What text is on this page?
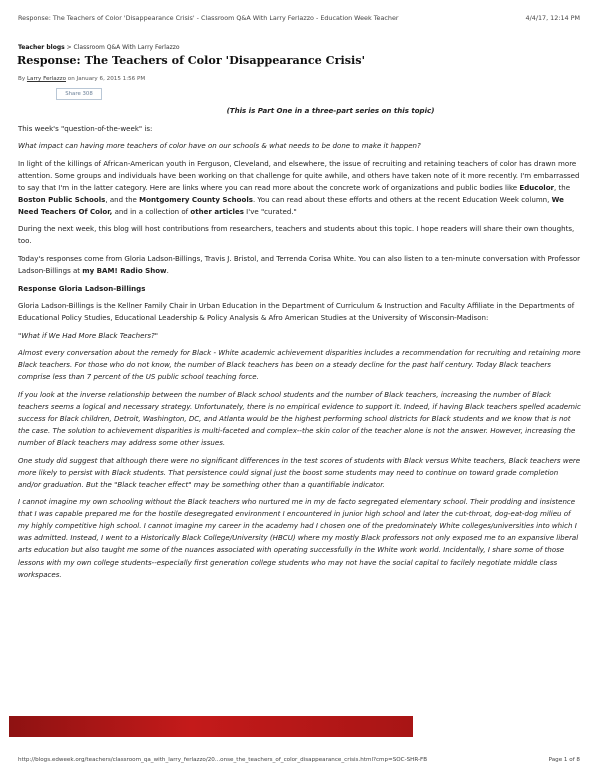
Response: The Teachers of Color 'Disappearance Crisis' - Classroom Q&A With Larry Ferlazzo - Education Week Teacher	4/4/17, 12:14 PM
Teacher blogs > Classroom Q&A With Larry Ferlazzo
Response: The Teachers of Color 'Disappearance Crisis'
By Larry Ferlazzo on January 6, 2015 1:56 PM
Share 308

(This is Part One in a three-part series on this topic)

This week's "question-of-the-week" is:

What impact can having more teachers of color have on our schools & what needs to be done to make it happen?

In light of the killings of African-American youth in Ferguson, Cleveland, and elsewhere, the issue of recruiting and retaining teachers of color has drawn more attention. Some groups and individuals have been working on that challenge for quite awhile, and others have taken note of it more recently. I'm embarrassed to say that I'm in the latter category. Here are links where you can read more about the concrete work of organizations and public bodies like Educolor, the Boston Public Schools, and the Montgomery County Schools. You can read about these efforts and others at the recent Education Week column, We Need Teachers Of Color, and in a collection of other articles I've "curated."

During the next week, this blog will host contributions from researchers, teachers and students about this topic. I hope readers will share their own thoughts, too.

Today's responses come from Gloria Ladson-Billings, Travis J. Bristol, and Terrenda Corisa White. You can also listen to a ten-minute conversation with Professor Ladson-Billings at my BAM! Radio Show.

Response Gloria Ladson-Billings

Gloria Ladson-Billings is the Kellner Family Chair in Urban Education in the Department of Curriculum & Instruction and Faculty Affiliate in the Departments of Educational Policy Studies, Educational Leadership & Policy Analysis & Afro American Studies at the University of Wisconsin-Madison:

"What if We Had More Black Teachers?"

Almost every conversation about the remedy for Black - White academic achievement disparities includes a recommendation for recruiting and retaining more Black teachers. For those who do not know, the number of Black teachers has been on a steady decline for the past half century. Today Black teachers comprise less than 7 percent of the US public school teaching force.

If you look at the inverse relationship between the number of Black school students and the number of Black teachers, increasing the number of Black teachers seems a logical and necessary strategy. Unfortunately, there is no empirical evidence to support it. Indeed, if having Black teachers spelled academic success for Black children, Detroit, Washington, DC, and Atlanta would be the highest performing school districts for Black students and we know that is not the case. The solution to achievement disparities is multi-faceted and complex--the skin color of the teacher alone is not the answer. However, increasing the number of Black teachers may address some other issues.

One study did suggest that although there were no significant differences in the test scores of students with Black versus White teachers, Black teachers were more likely to persist with Black students. That persistence could signal just the boost some students may need to continue on toward grade completion and/or graduation. But the "Black teacher effect" may be something other than a quantifiable indicator.

I cannot imagine my own schooling without the Black teachers who nurtured me in my de facto segregated elementary school. Their prodding and insistence that I was capable prepared me for the hostile desegregated environment I encountered in junior high school and later the cut-throat, dog-eat-dog milieu of my highly competitive high school. I cannot imagine my career in the academy had I chosen one of the predominately White colleges/universities into which I was admitted. Instead, I went to a Historically Black College/University (HBCU) where my mostly Black professors not only exposed me to an expansive liberal arts education but also taught me some of the nuances associated with operating successfully in the White work world. Incidentally, I share some of those lessons with my own college students--especially first generation college students who may not have the social capital to facilely negotiate middle class workspaces.

http://blogs.edweek.org/teachers/classroom_qa_with_larry_ferlazzo/20...onse_the_teachers_of_color_disappearance_crisis.html?cmp=SOC-SHR-FB	Page 1 of 8
